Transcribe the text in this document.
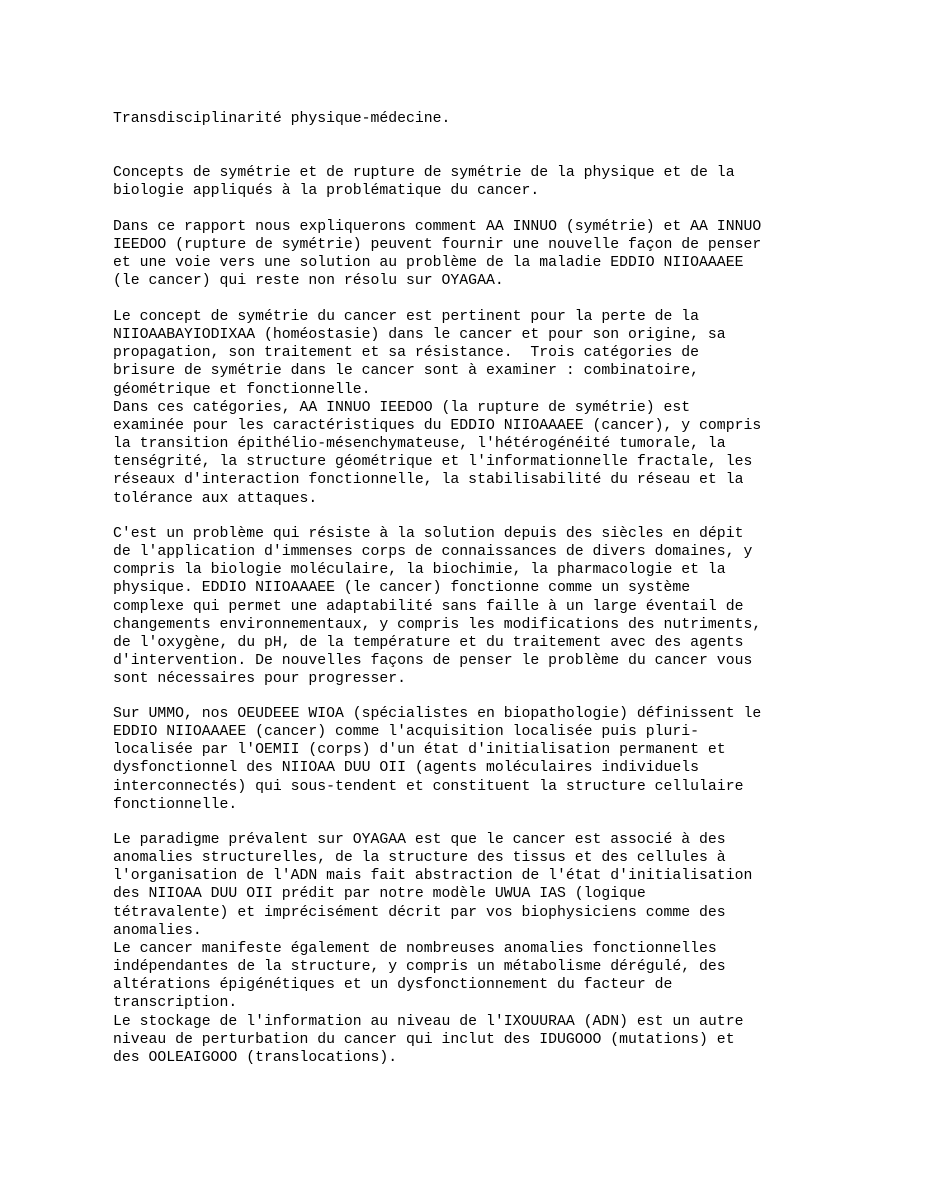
Transdisciplinarité physique-médecine.

Concepts de symétrie et de rupture de symétrie de la physique et de la
biologie appliqués à la problématique du cancer.

Dans ce rapport nous expliquerons comment AA INNUO (symétrie) et AA INNUO
IEEDOO (rupture de symétrie) peuvent fournir une nouvelle façon de penser
et une voie vers une solution au problème de la maladie EDDIO NIIOAAAEE
(le cancer) qui reste non résolu sur OYAGAA.

Le concept de symétrie du cancer est pertinent pour la perte de la
NIIOAABAYIODIXAA (homéostasie) dans le cancer et pour son origine, sa
propagation, son traitement et sa résistance.  Trois catégories de
brisure de symétrie dans le cancer sont à examiner : combinatoire,
géométrique et fonctionnelle.
Dans ces catégories, AA INNUO IEEDOO (la rupture de symétrie) est
examinée pour les caractéristiques du EDDIO NIIOAAAEE (cancer), y compris
la transition épithélio-mésenchymateuse, l'hétérogénéité tumorale, la
tenségrité, la structure géométrique et l'informationnelle fractale, les
réseaux d'interaction fonctionnelle, la stabilisabilité du réseau et la
tolérance aux attaques.

C'est un problème qui résiste à la solution depuis des siècles en dépit
de l'application d'immenses corps de connaissances de divers domaines, y
compris la biologie moléculaire, la biochimie, la pharmacologie et la
physique. EDDIO NIIOAAAEE (le cancer) fonctionne comme un système
complexe qui permet une adaptabilité sans faille à un large éventail de
changements environnementaux, y compris les modifications des nutriments,
de l'oxygène, du pH, de la température et du traitement avec des agents
d'intervention. De nouvelles façons de penser le problème du cancer vous
sont nécessaires pour progresser.

Sur UMMO, nos OEUDEEE WIOA (spécialistes en biopathologie) définissent le
EDDIO NIIOAAAEE (cancer) comme l'acquisition localisée puis pluri-
localisée par l'OEMII (corps) d'un état d'initialisation permanent et
dysfonctionnel des NIIOAA DUU OII (agents moléculaires individuels
interconnectés) qui sous-tendent et constituent la structure cellulaire
fonctionnelle.

Le paradigme prévalent sur OYAGAA est que le cancer est associé à des
anomalies structurelles, de la structure des tissus et des cellules à
l'organisation de l'ADN mais fait abstraction de l'état d'initialisation
des NIIOAA DUU OII prédit par notre modèle UWUA IAS (logique
tétravalente) et imprécisément décrit par vos biophysiciens comme des
anomalies.
Le cancer manifeste également de nombreuses anomalies fonctionnelles
indépendantes de la structure, y compris un métabolisme dérégulé, des
altérations épigénétiques et un dysfonctionnement du facteur de
transcription.
Le stockage de l'information au niveau de l'IXOUURAA (ADN) est un autre
niveau de perturbation du cancer qui inclut des IDUGOOO (mutations) et
des OOLEAIGOOO (translocations).
